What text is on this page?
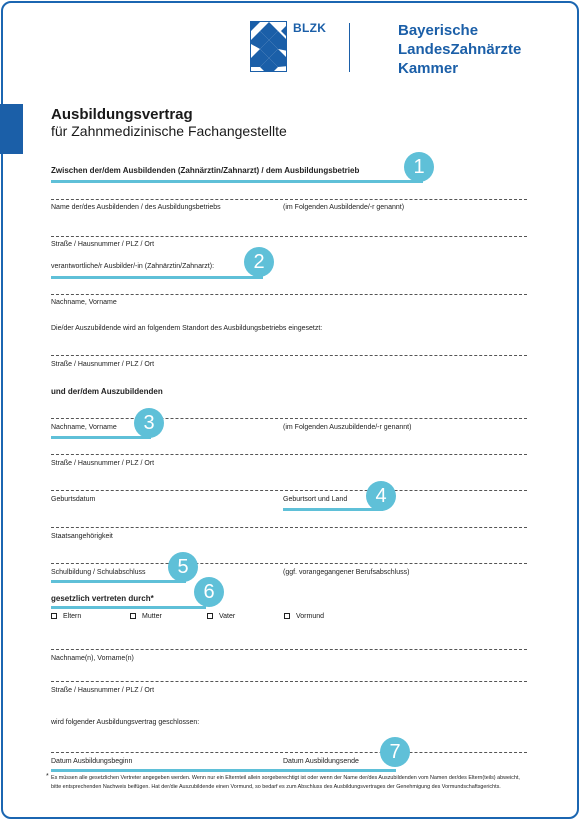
BLZK	Bayerische
LandesZahnärzte
Kammer
Ausbildungsvertrag
für Zahnmedizinische Fachangestellte
Zwischen der/dem Ausbildenden (Zahnärztin/Zahnarzt) / dem Ausbildungsbetrieb	1
Name der/des Ausbildenden / des Ausbildungsbetriebs	(im Folgenden Ausbildende/-r genannt)
Straße / Hausnummer / PLZ / Ort
verantwortliche/r Ausbilder/-in (Zahnärztin/Zahnarzt):	2
Nachname, Vorname
Die/der Auszubildende wird an folgendem Standort des Ausbildungsbetriebs eingesetzt:
Straße / Hausnummer / PLZ / Ort
und der/dem Auszubildenden
Nachname, Vorname	(im Folgenden Auszubildende/-r genannt)
3
Straße / Hausnummer / PLZ / Ort
Geburtsdatum	Geburtsort und Land	4
Staatsangehörigkeit
Schulbildung / Schulabschluss	(ggf. vorangegangener Berufsabschluss)
5
gesetzlich vertreten durch*	6
Eltern	Mutter	Vater	Vormund
Nachname(n), Vorname(n)
Straße / Hausnummer / PLZ / Ort
wird folgender Ausbildungsvertrag geschlossen:
Datum Ausbildungsbeginn	Datum Ausbildungsende	7
* Es müssen alle gesetzlichen Vertreter angegeben werden. Wenn nur ein Elternteil allein sorgeberechtigt ist oder wenn der Name der/des Auszubildenden vom Namen der/des Eltern(teils) abweicht, bitte entsprechenden Nachweis beifügen. Hat der/die Auszubildende einen Vormund, so bedarf es zum Abschluss des Ausbildungsvertrages der Genehmigung des Vormundschaftsgerichts.
